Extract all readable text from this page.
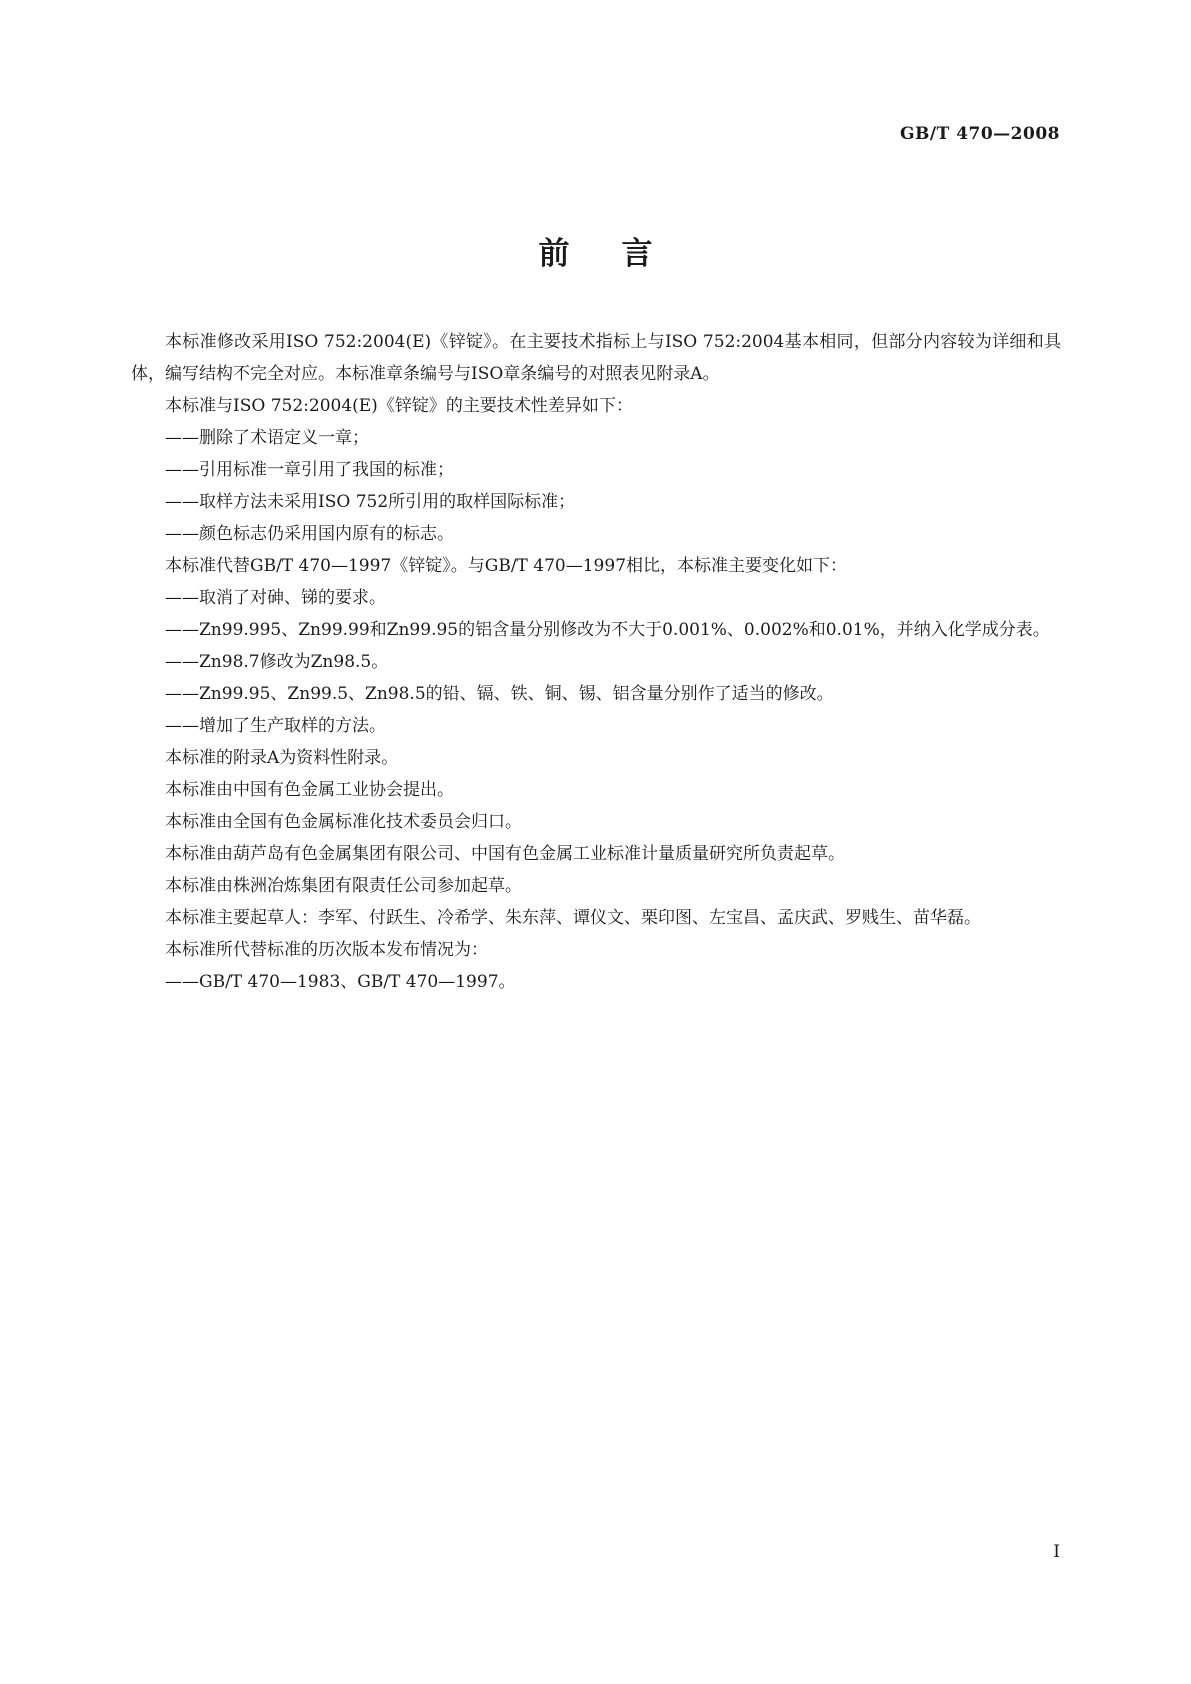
GB/T 470—2008
前言

本标准修改采用ISO 752:2004(E)《锌锭》。在主要技术指标上与ISO 752:2004基本相同，但部分内容较为详细和具体，编写结构不完全对应。本标准章条编号与ISO章条编号的对照表见附录A。

本标准与ISO 752:2004(E)《锌锭》的主要技术性差异如下：

——删除了术语定义一章；

——引用标准一章引用了我国的标准；

——取样方法未采用ISO 752所引用的取样国际标准；

——颜色标志仍采用国内原有的标志。

本标准代替GB/T 470—1997《锌锭》。与GB/T 470—1997相比，本标准主要变化如下：

——取消了对砷、锑的要求。

——Zn99.995、Zn99.99和Zn99.95的铝含量分别修改为不大于0.001%、0.002%和0.01%，并纳入化学成分表。

——Zn98.7修改为Zn98.5。

——Zn99.95、Zn99.5、Zn98.5的铅、镉、铁、铜、锡、铝含量分别作了适当的修改。

——增加了生产取样的方法。

本标准的附录A为资料性附录。

本标准由中国有色金属工业协会提出。

本标准由全国有色金属标准化技术委员会归口。

本标准由葫芦岛有色金属集团有限公司、中国有色金属工业标准计量质量研究所负责起草。

本标准由株洲冶炼集团有限责任公司参加起草。

本标准主要起草人：李军、付跃生、冷希学、朱东萍、谭仪文、栗印图、左宝昌、孟庆武、罗贱生、苗华磊。

本标准所代替标准的历次版本发布情况为：

——GB/T 470—1983、GB/T 470—1997。

I
